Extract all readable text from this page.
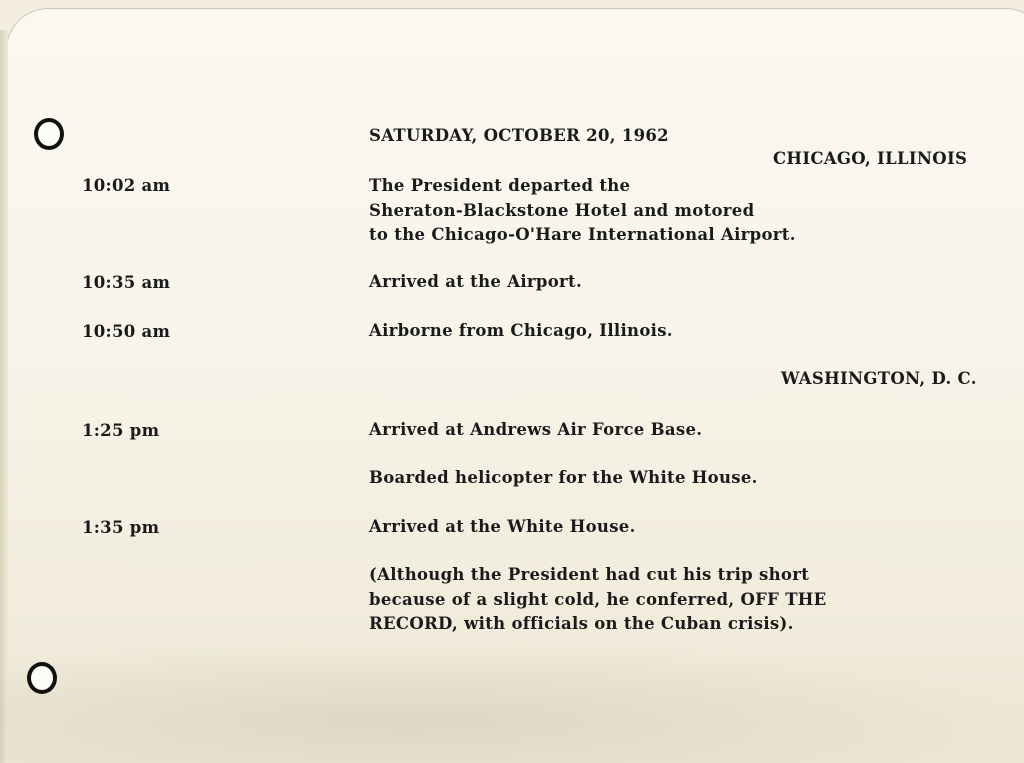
SATURDAY, OCTOBER 20, 1962
CHICAGO, ILLINOIS
10:02 am	The President departed the
Sheraton-Blackstone Hotel and motored
to the Chicago-O'Hare International Airport.
10:35 am	Arrived at the Airport.
10:50 am	Airborne from Chicago, Illinois.
WASHINGTON, D. C.
1:25 pm	Arrived at Andrews Air Force Base.
Boarded helicopter for the White House.
1:35 pm	Arrived at the White House.
(Although the President had cut his trip short
because of a slight cold, he conferred, OFF THE
RECORD, with officials on the Cuban crisis).
